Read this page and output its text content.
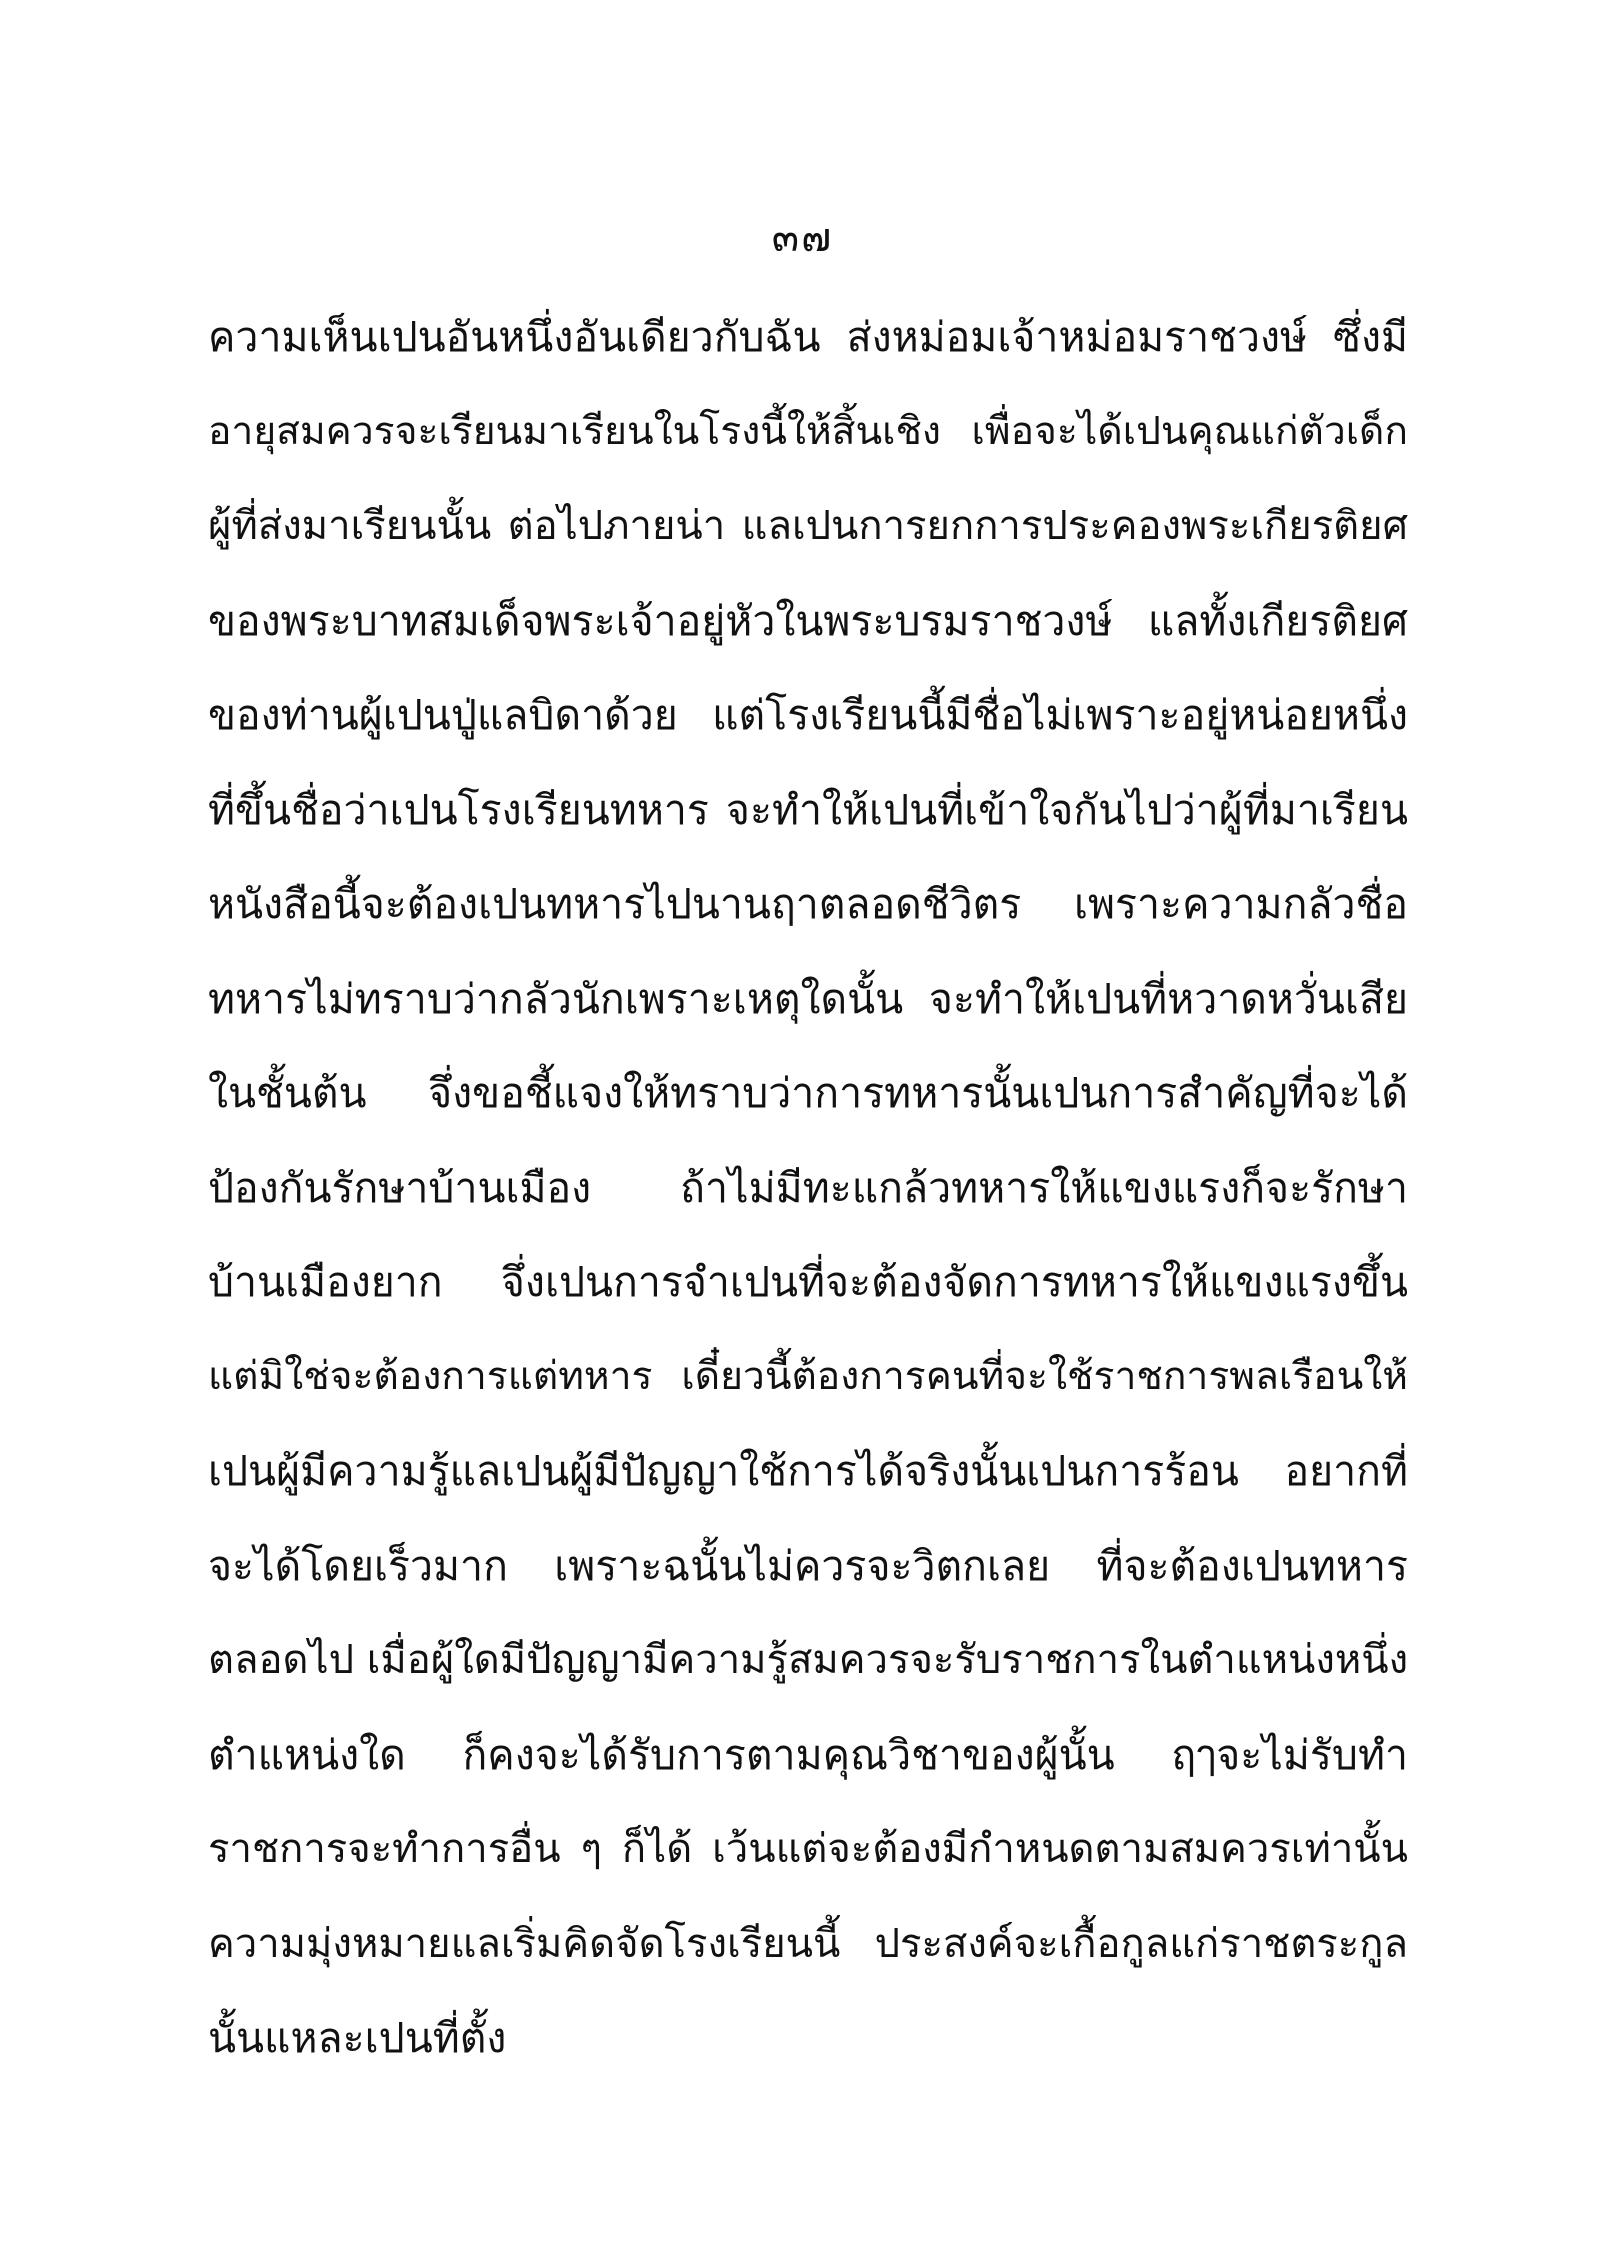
๓๗
ความเห็นเปนอันหนึ่งอันเดียวกับฉัน ส่งหม่อมเจ้าหม่อมราชวงษ์ ซึ่งมี
อายุสมควรจะเรียนมาเรียนในโรงนี้ให้สิ้นเชิง เพื่อจะได้เปนคุณแก่ตัวเด็ก
ผู้ที่ส่งมาเรียนนั้น ต่อไปภายน่า แลเปนการยกการประคองพระเกียรติยศ
ของพระบาทสมเด็จพระเจ้าอยู่หัวในพระบรมราชวงษ์ แลทั้งเกียรติยศ
ของท่านผู้เปนปู่แลบิดาด้วย แต่โรงเรียนนี้มีชื่อไม่เพราะอยู่หน่อยหนึ่ง
ที่ขึ้นชื่อว่าเปนโรงเรียนทหาร จะทำให้เปนที่เข้าใจกันไปว่าผู้ที่มาเรียน
หนังสือนี้จะต้องเปนทหารไปนานฤาตลอดชีวิตร เพราะความกลัวชื่อ
ทหารไม่ทราบว่ากลัวนักเพราะเหตุใดนั้น จะทำให้เปนที่หวาดหวั่นเสีย
ในชั้นต้น จึ่งขอชี้แจงให้ทราบว่าการทหารนั้นเปนการสำคัญที่จะได้
ป้องกันรักษาบ้านเมือง ถ้าไม่มีทะแกล้วทหารให้แขงแรงก็จะรักษา
บ้านเมืองยาก จึ่งเปนการจำเปนที่จะต้องจัดการทหารให้แขงแรงขึ้น
แต่มิใช่จะต้องการแต่ทหาร เดี๋ยวนี้ต้องการคนที่จะใช้ราชการพลเรือนให้
เปนผู้มีความรู้แลเปนผู้มีปัญญาใช้การได้จริงนั้นเปนการร้อน อยากที่
จะได้โดยเร็วมาก เพราะฉนั้นไม่ควรจะวิตกเลย ที่จะต้องเปนทหาร
ตลอดไป เมื่อผู้ใดมีปัญญามีความรู้สมควรจะรับราชการในตำแหน่งหนึ่ง
ตำแหน่งใด ก็คงจะได้รับการตามคุณวิชาของผู้นั้น ฤๅจะไม่รับทำ
ราชการจะทำการอื่น ๆ ก็ได้ เว้นแต่จะต้องมีกำหนดตามสมควรเท่านั้น
ความมุ่งหมายแลเริ่มคิดจัดโรงเรียนนี้ ประสงค์จะเกื้อกูลแก่ราชตระกูล
นั้นแหละเปนที่ตั้ง
